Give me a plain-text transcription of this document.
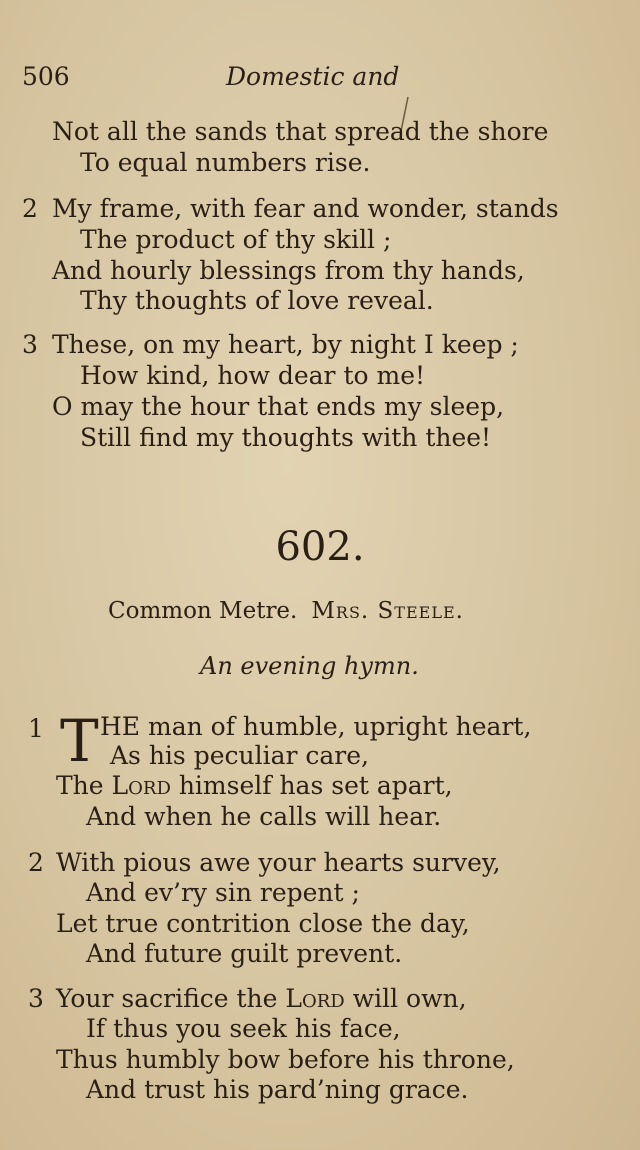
506	Domestic and
Not all the sands that spread the shore
To equal numbers rise.
2 My frame, with fear and wonder, stands
The product of thy skill ;
And hourly blessings from thy hands,
Thy thoughts of love reveal.
3 These, on my heart, by night I keep ;
How kind, how dear to me!
O may the hour that ends my sleep,
Still find my thoughts with thee!
602.
Common Metre. Mrs. Steele.
An evening hymn.
1 T HE man of humble, upright heart,
As his peculiar care,
The Lord himself has set apart,
And when he calls will hear.
2 With pious awe your hearts survey,
And ev’ry sin repent ;
Let true contrition close the day,
And future guilt prevent.
3 Your sacrifice the Lord will own,
If thus you seek his face,
Thus humbly bow before his throne,
And trust his pard’ning grace.
